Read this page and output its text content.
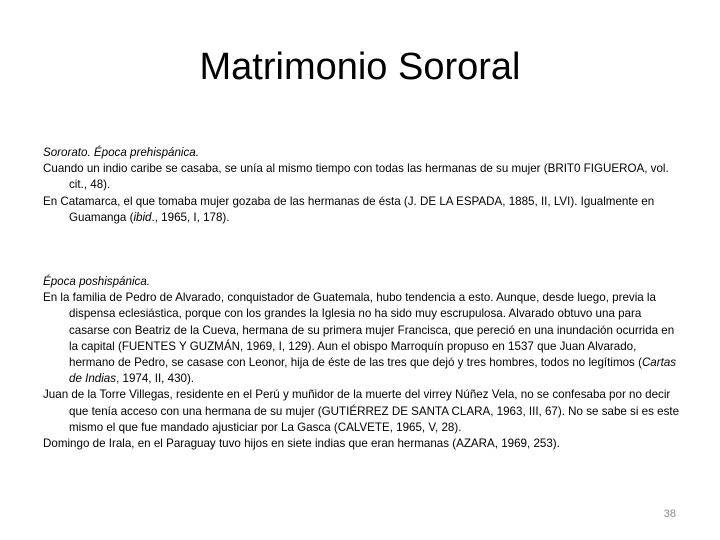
Matrimonio Sororal

Sororato. Época prehispánica.

Cuando un indio caribe se casaba, se unía al mismo tiempo con todas las hermanas de su mujer (BRIT0 FIGUEROA, vol. cit., 48).

En Catamarca, el que tomaba mujer gozaba de las hermanas de ésta (J. DE LA ESPADA, 1885, II, LVI). Igualmente en Guamanga (ibid., 1965, I, 178).

Época poshispánica.

En la familia de Pedro de Alvarado, conquistador de Guatemala, hubo tendencia a esto. Aunque, desde luego, previa la dispensa eclesiástica, porque con los grandes la Iglesia no ha sido muy escrupulosa. Alvarado obtuvo una para casarse con Beatriz de la Cueva, hermana de su primera mujer Francisca, que pereció en una inundación ocurrida en la capital (FUENTES Y GUZMÁN, 1969, I, 129). Aun el obispo Marroquín propuso en 1537 que Juan Alvarado, hermano de Pedro, se casase con Leonor, hija de éste de las tres que dejó y tres hombres, todos no legítimos (Cartas de Indias, 1974, II, 430).

Juan de la Torre Villegas, residente en el Perú y muñidor de la muerte del virrey Núñez Vela, no se confesaba por no decir que tenía acceso con una hermana de su mujer (GUTIÉRREZ DE SANTA CLARA, 1963, III, 67). No se sabe si es este mismo el que fue mandado ajusticiar por La Gasca (CALVETE, 1965, V, 28).

Domingo de Irala, en el Paraguay tuvo hijos en siete indias que eran hermanas (AZARA, 1969, 253).

38
